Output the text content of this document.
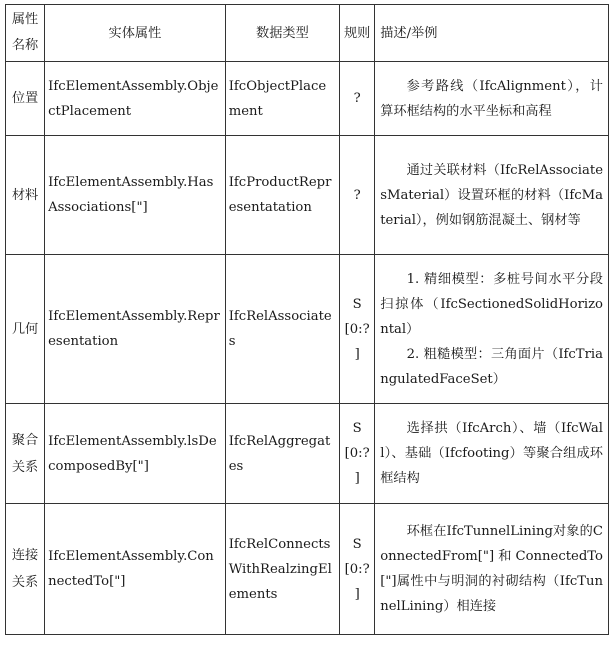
属性名称	实体属性	数据类型	规则	描述/举例
位置	IfcElementAssembly.ObjectPlacement	IfcObjectPlacement	?	参考路线（IfcAlignment），计算环框结构的水平坐标和高程

材料	IfcElementAssembly.HasAssociations["]	IfcProductRepresentatation	?	通过关联材料（IfcRelAssociatesMaterial）设置环框的材料（IfcMaterial），例如钢筋混凝土、钢材等

几何	IfcElementAssembly.Representation	IfcRelAssociates	S[0:?]	1. 精细模型：多桩号间水平分段扫掠体（IfcSectionedSolidHorizontal）
2. 粗糙模型：三角面片（IfcTriangulatedFaceSet）

聚合关系	IfcElementAssembly.lsDecomposedBy["]	IfcRelAggregates	S[0:?]	选择拱（IfcArch）、墙（IfcWall）、基础（Ifcfooting）等聚合组成环框结构

连接关系	IfcElementAssembly.ConnectedTo["]	IfcRelConnectsWithRealzingElements	S[0:?]	环框在IfcTunnelLining对象的ConnectedFrom["]和ConnectedTo["]属性中与明洞的衬砌结构（IfcTunnelLining）相连接
